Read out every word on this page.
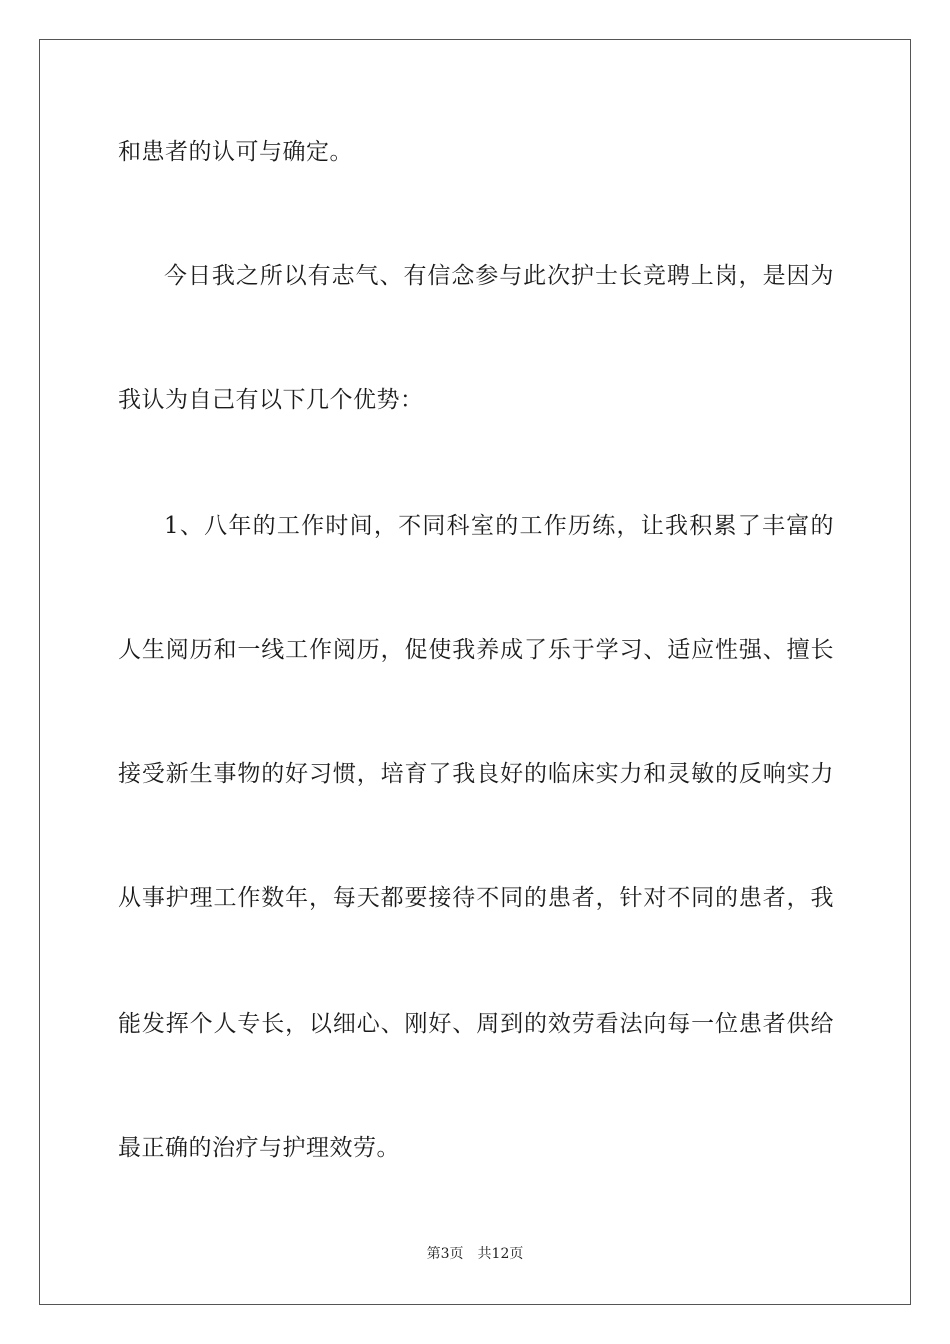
和患者的认可与确定。
今日我之所以有志气、有信念参与此次护士长竞聘上岗，是因为
我认为自己有以下几个优势：
1、八年的工作时间，不同科室的工作历练，让我积累了丰富的
人生阅历和一线工作阅历，促使我养成了乐于学习、适应性强、擅长
接受新生事物的好习惯，培育了我良好的临床实力和灵敏的反响实力
从事护理工作数年，每天都要接待不同的患者，针对不同的患者，我
能发挥个人专长，以细心、刚好、周到的效劳看法向每一位患者供给
最正确的治疗与护理效劳。
第3页 共12页
